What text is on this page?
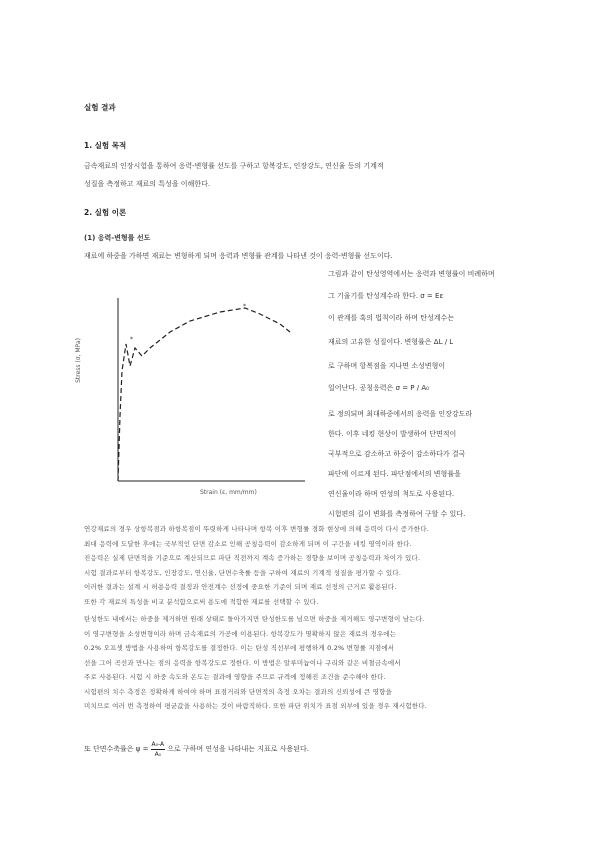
실험 결과
1. 실험 목적
금속재료의 인장시험을 통하여 응력-변형률 선도를 구하고 항복강도, 인장강도, 연신율 등의 기계적
성질을 측정하고 재료의 특성을 이해한다.
2. 실험 이론
(1) 응력-변형률 선도
재료에 하중을 가하면 재료는 변형하게 되며 응력과 변형률 관계를 나타낸 것이 응력-변형률 선도이다.
그림과 같이 탄성영역에서는 응력과 변형률이 비례하며
그 기울기를 탄성계수라 한다. σ = Eε
이 관계를 훅의 법칙이라 하며 탄성계수는
재료의 고유한 성질이다. 변형률은 ΔL / L
로 구하며 항복점을 지나면 소성변형이
일어난다. 공칭응력은 σ = P / A₀
로 정의되며 최대하중에서의 응력을 인장강도라
한다. 이후 네킹 현상이 발생하여 단면적이
국부적으로 감소하고 하중이 감소하다가 결국
파단에 이르게 된다. 파단점에서의 변형률을
연신율이라 하며 연성의 척도로 사용된다.
시험편의 길이 변화를 측정하여 구할 수 있다.
*
*
Strain (ε, mm/mm)
Stress (σ, MPa)
연강재료의 경우 상항복점과 하항복점이 뚜렷하게 나타나며 항복 이후 변형률 경화 현상에 의해 응력이 다시 증가한다.
최대 응력에 도달한 후에는 국부적인 단면 감소로 인해 공칭응력이 감소하게 되며 이 구간을 네킹 영역이라 한다.
진응력은 실제 단면적을 기준으로 계산되므로 파단 직전까지 계속 증가하는 경향을 보이며 공칭응력과 차이가 있다.
시험 결과로부터 항복강도, 인장강도, 연신율, 단면수축률 등을 구하여 재료의 기계적 성질을 평가할 수 있다.
이러한 결과는 설계 시 허용응력 결정과 안전계수 선정에 중요한 기준이 되며 재료 선정의 근거로 활용된다.
또한 각 재료의 특성을 비교 분석함으로써 용도에 적합한 재료를 선택할 수 있다.
탄성한도 내에서는 하중을 제거하면 원래 상태로 돌아가지만 탄성한도를 넘으면 하중을 제거해도 영구변형이 남는다.
이 영구변형을 소성변형이라 하며 금속재료의 가공에 이용된다. 항복강도가 명확하지 않은 재료의 경우에는
0.2% 오프셋 방법을 사용하여 항복강도를 결정한다. 이는 탄성 직선부에 평행하게 0.2% 변형률 지점에서
선을 그어 곡선과 만나는 점의 응력을 항복강도로 정한다. 이 방법은 알루미늄이나 구리와 같은 비철금속에서
주로 사용된다. 시험 시 하중 속도와 온도는 결과에 영향을 주므로 규격에 정해진 조건을 준수해야 한다.
시험편의 치수 측정은 정확하게 하여야 하며 표점거리와 단면적의 측정 오차는 결과의 신뢰성에 큰 영향을
미치므로 여러 번 측정하여 평균값을 사용하는 것이 바람직하다. 또한 파단 위치가 표점 외부에 있을 경우 재시험한다.
또 단면수축률은 $\psi = \frac{\text{A₀-A}}{\text{A₀}}$ 으로 구하며 연성을 나타내는 지표로 사용된다.
